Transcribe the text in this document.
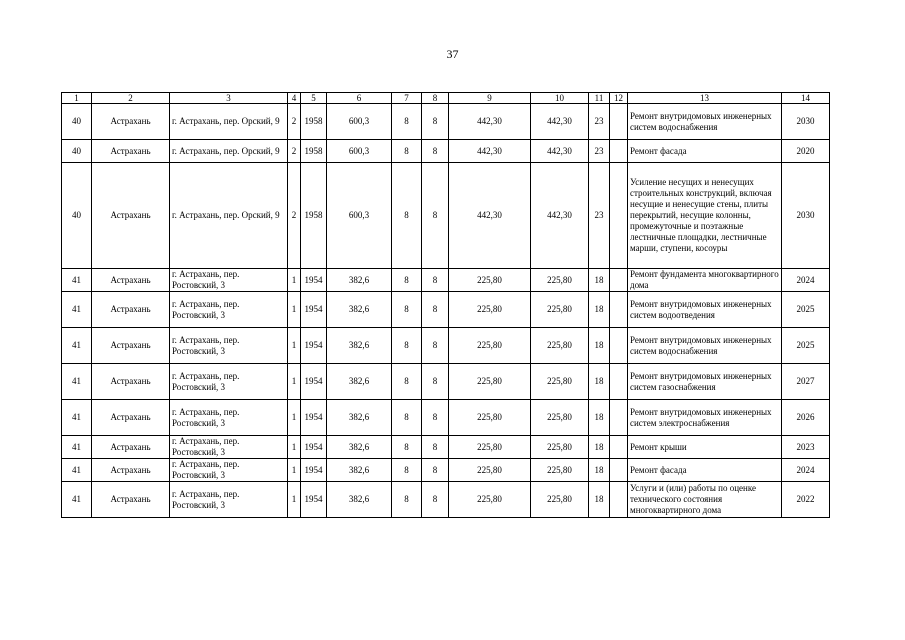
37
1	2	3	4	5	6	7	8	9	10	11	12	13	14
40	Астрахань	г. Астрахань, пер. Орский, 9	2	1958	600,3	8	8	442,30	442,30	23		Ремонт внутридомовых инженерных систем водоснабжения	2030
40	Астрахань	г. Астрахань, пер. Орский, 9	2	1958	600,3	8	8	442,30	442,30	23		Ремонт фасада	2020
40	Астрахань	г. Астрахань, пер. Орский, 9	2	1958	600,3	8	8	442,30	442,30	23		Усиление несущих и ненесущих строительных конструкций, включая несущие и ненесущие стены, плиты перекрытий, несущие колонны, промежуточные и поэтажные лестничные площадки, лестничные марши, ступени, косоуры	2030
41	Астрахань	г. Астрахань, пер. Ростовский, 3	1	1954	382,6	8	8	225,80	225,80	18		Ремонт фундамента многоквартирного дома	2024
41	Астрахань	г. Астрахань, пер. Ростовский, 3	1	1954	382,6	8	8	225,80	225,80	18		Ремонт внутридомовых инженерных систем водоотведения	2025
41	Астрахань	г. Астрахань, пер. Ростовский, 3	1	1954	382,6	8	8	225,80	225,80	18		Ремонт внутридомовых инженерных систем водоснабжения	2025
41	Астрахань	г. Астрахань, пер. Ростовский, 3	1	1954	382,6	8	8	225,80	225,80	18		Ремонт внутридомовых инженерных систем газоснабжения	2027
41	Астрахань	г. Астрахань, пер. Ростовский, 3	1	1954	382,6	8	8	225,80	225,80	18		Ремонт внутридомовых инженерных систем электроснабжения	2026
41	Астрахань	г. Астрахань, пер. Ростовский, 3	1	1954	382,6	8	8	225,80	225,80	18		Ремонт крыши	2023
41	Астрахань	г. Астрахань, пер. Ростовский, 3	1	1954	382,6	8	8	225,80	225,80	18		Ремонт фасада	2024
41	Астрахань	г. Астрахань, пер. Ростовский, 3	1	1954	382,6	8	8	225,80	225,80	18		Услуги и (или) работы по оценке технического состояния многоквартирного дома	2022
